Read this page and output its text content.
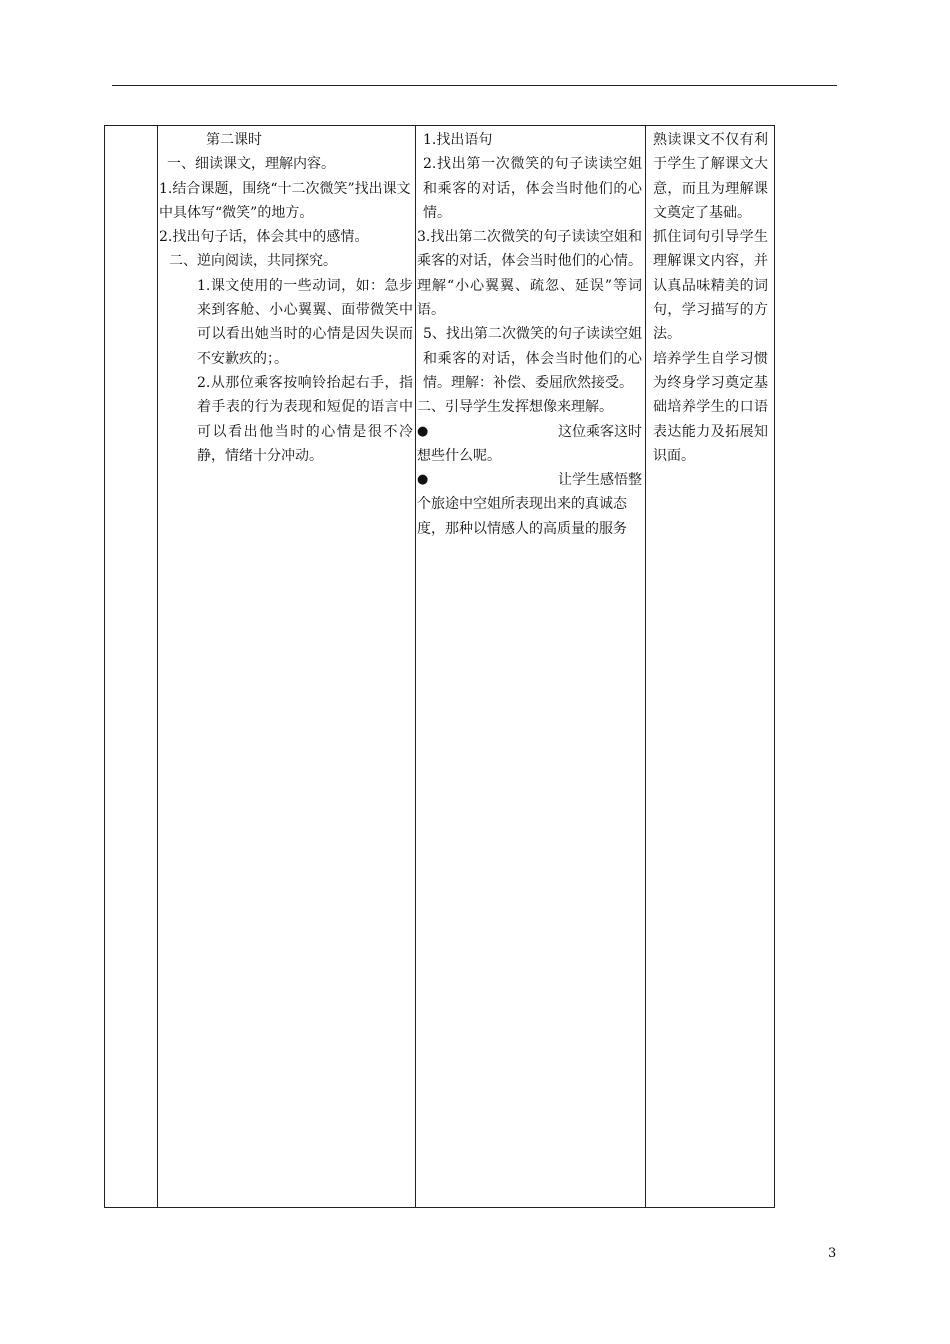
第二课时
一、细读课文，理解内容。
1.结合课题，围绕“十二次微笑”找出课文中具体写“微笑”的地方。
2.找出句子话，体会其中的感情。
二、逆向阅读，共同探究。
1.课文使用的一些动词，如：急步来到客舱、小心翼翼、面带微笑中可以看出她当时的心情是因失误而不安歉疚的；。
2.从那位乘客按响铃抬起右手，指着手表的行为表现和短促的语言中可以看出他当时的心情是很不冷静，情绪十分冲动。

1.找出语句
2.找出第一次微笑的句子读读空姐和乘客的对话，体会当时他们的心情。
3.找出第二次微笑的句子读读空姐和乘客的对话，体会当时他们的心情。理解“小心翼翼、疏忽、延误”等词语。
5、找出第二次微笑的句子读读空姐和乘客的对话，体会当时他们的心情。理解：补偿、委屈欣然接受。
二、引导学生发挥想像来理解。
●	这位乘客这时
想些什么呢。
●	让学生感悟整
个旅途中空姐所表现出来的真诚态度，那种以情感人的高质量的服务

熟读课文不仅有利于学生了解课文大意，而且为理解课文奠定了基础。
抓住词句引导学生理解课文内容，并认真品味精美的词句，学习描写的方法。
培养学生自学习惯为终身学习奠定基础培养学生的口语表达能力及拓展知识面。
3
